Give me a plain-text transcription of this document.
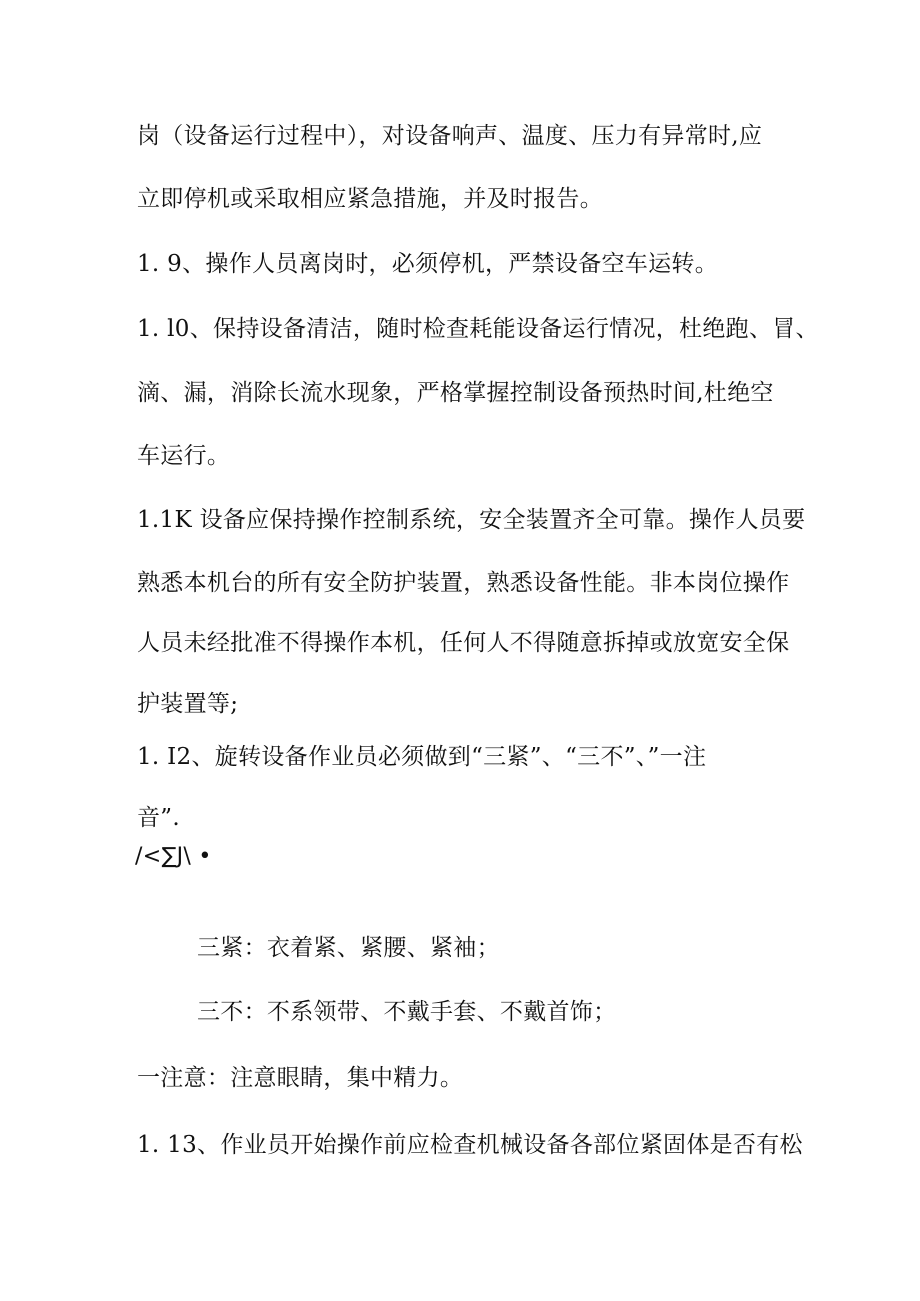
岗（设备运行过程中），对设备响声、温度、压力有异常时,应
立即停机或采取相应紧急措施，并及时报告。
1. 9、操作人员离岗时，必须停机，严禁设备空车运转。
1. l0、保持设备清洁，随时检查耗能设备运行情况，杜绝跑、冒、
滴、漏，消除长流水现象，严格掌握控制设备预热时间,杜绝空
车运行。
1.1K 设备应保持操作控制系统，安全装置齐全可靠。操作人员要
熟悉本机台的所有安全防护装置，熟悉设备性能。非本岗位操作
人员未经批准不得操作本机，任何人不得随意拆掉或放宽安全保
护装置等;
1. I2、旋转设备作业员必须做到“三紧”、“三不”、”一注
音”.
/<∑J\ •
三紧：衣着紧、紧腰、紧袖；
三不：不系领带、不戴手套、不戴首饰；
一注意：注意眼睛，集中精力。
1. 13、作业员开始操作前应检查机械设备各部位紧固体是否有松
